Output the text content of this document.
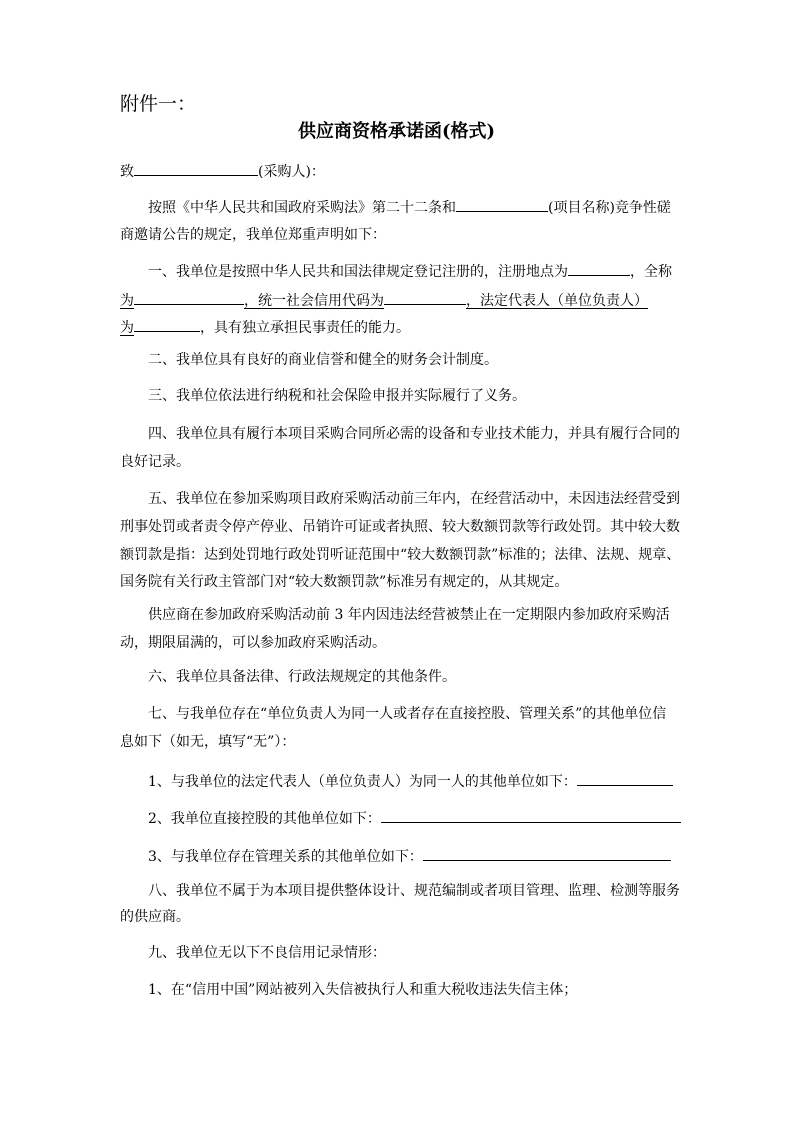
附件一：
供应商资格承诺函(格式)
致	(采购人)：
按照《中华人民共和国政府采购法》第二十二条和	(项目名称)竞争性磋
商邀请公告的规定，我单位郑重声明如下：
一、我单位是按照中华人民共和国法律规定登记注册的，注册地点为	，全称
为	，统一社会信用代码为	，法定代表人（单位负责人）
为	，具有独立承担民事责任的能力。
二、我单位具有良好的商业信誉和健全的财务会计制度。
三、我单位依法进行纳税和社会保险申报并实际履行了义务。
四、我单位具有履行本项目采购合同所必需的设备和专业技术能力，并具有履行合同的
良好记录。
五、我单位在参加采购项目政府采购活动前三年内，在经营活动中，未因违法经营受到
刑事处罚或者责令停产停业、吊销许可证或者执照、较大数额罚款等行政处罚。其中较大数
额罚款是指：达到处罚地行政处罚听证范围中“较大数额罚款”标准的；法律、法规、规章、
国务院有关行政主管部门对“较大数额罚款”标准另有规定的，从其规定。
供应商在参加政府采购活动前 3 年内因违法经营被禁止在一定期限内参加政府采购活
动，期限届满的，可以参加政府采购活动。
六、我单位具备法律、行政法规规定的其他条件。
七、与我单位存在“单位负责人为同一人或者存在直接控股、管理关系”的其他单位信
息如下（如无，填写“无”）：
1、与我单位的法定代表人（单位负责人）为同一人的其他单位如下：
2、我单位直接控股的其他单位如下：
3、与我单位存在管理关系的其他单位如下：
八、我单位不属于为本项目提供整体设计、规范编制或者项目管理、监理、检测等服务
的供应商。
九、我单位无以下不良信用记录情形：
1、在“信用中国”网站被列入失信被执行人和重大税收违法失信主体；
